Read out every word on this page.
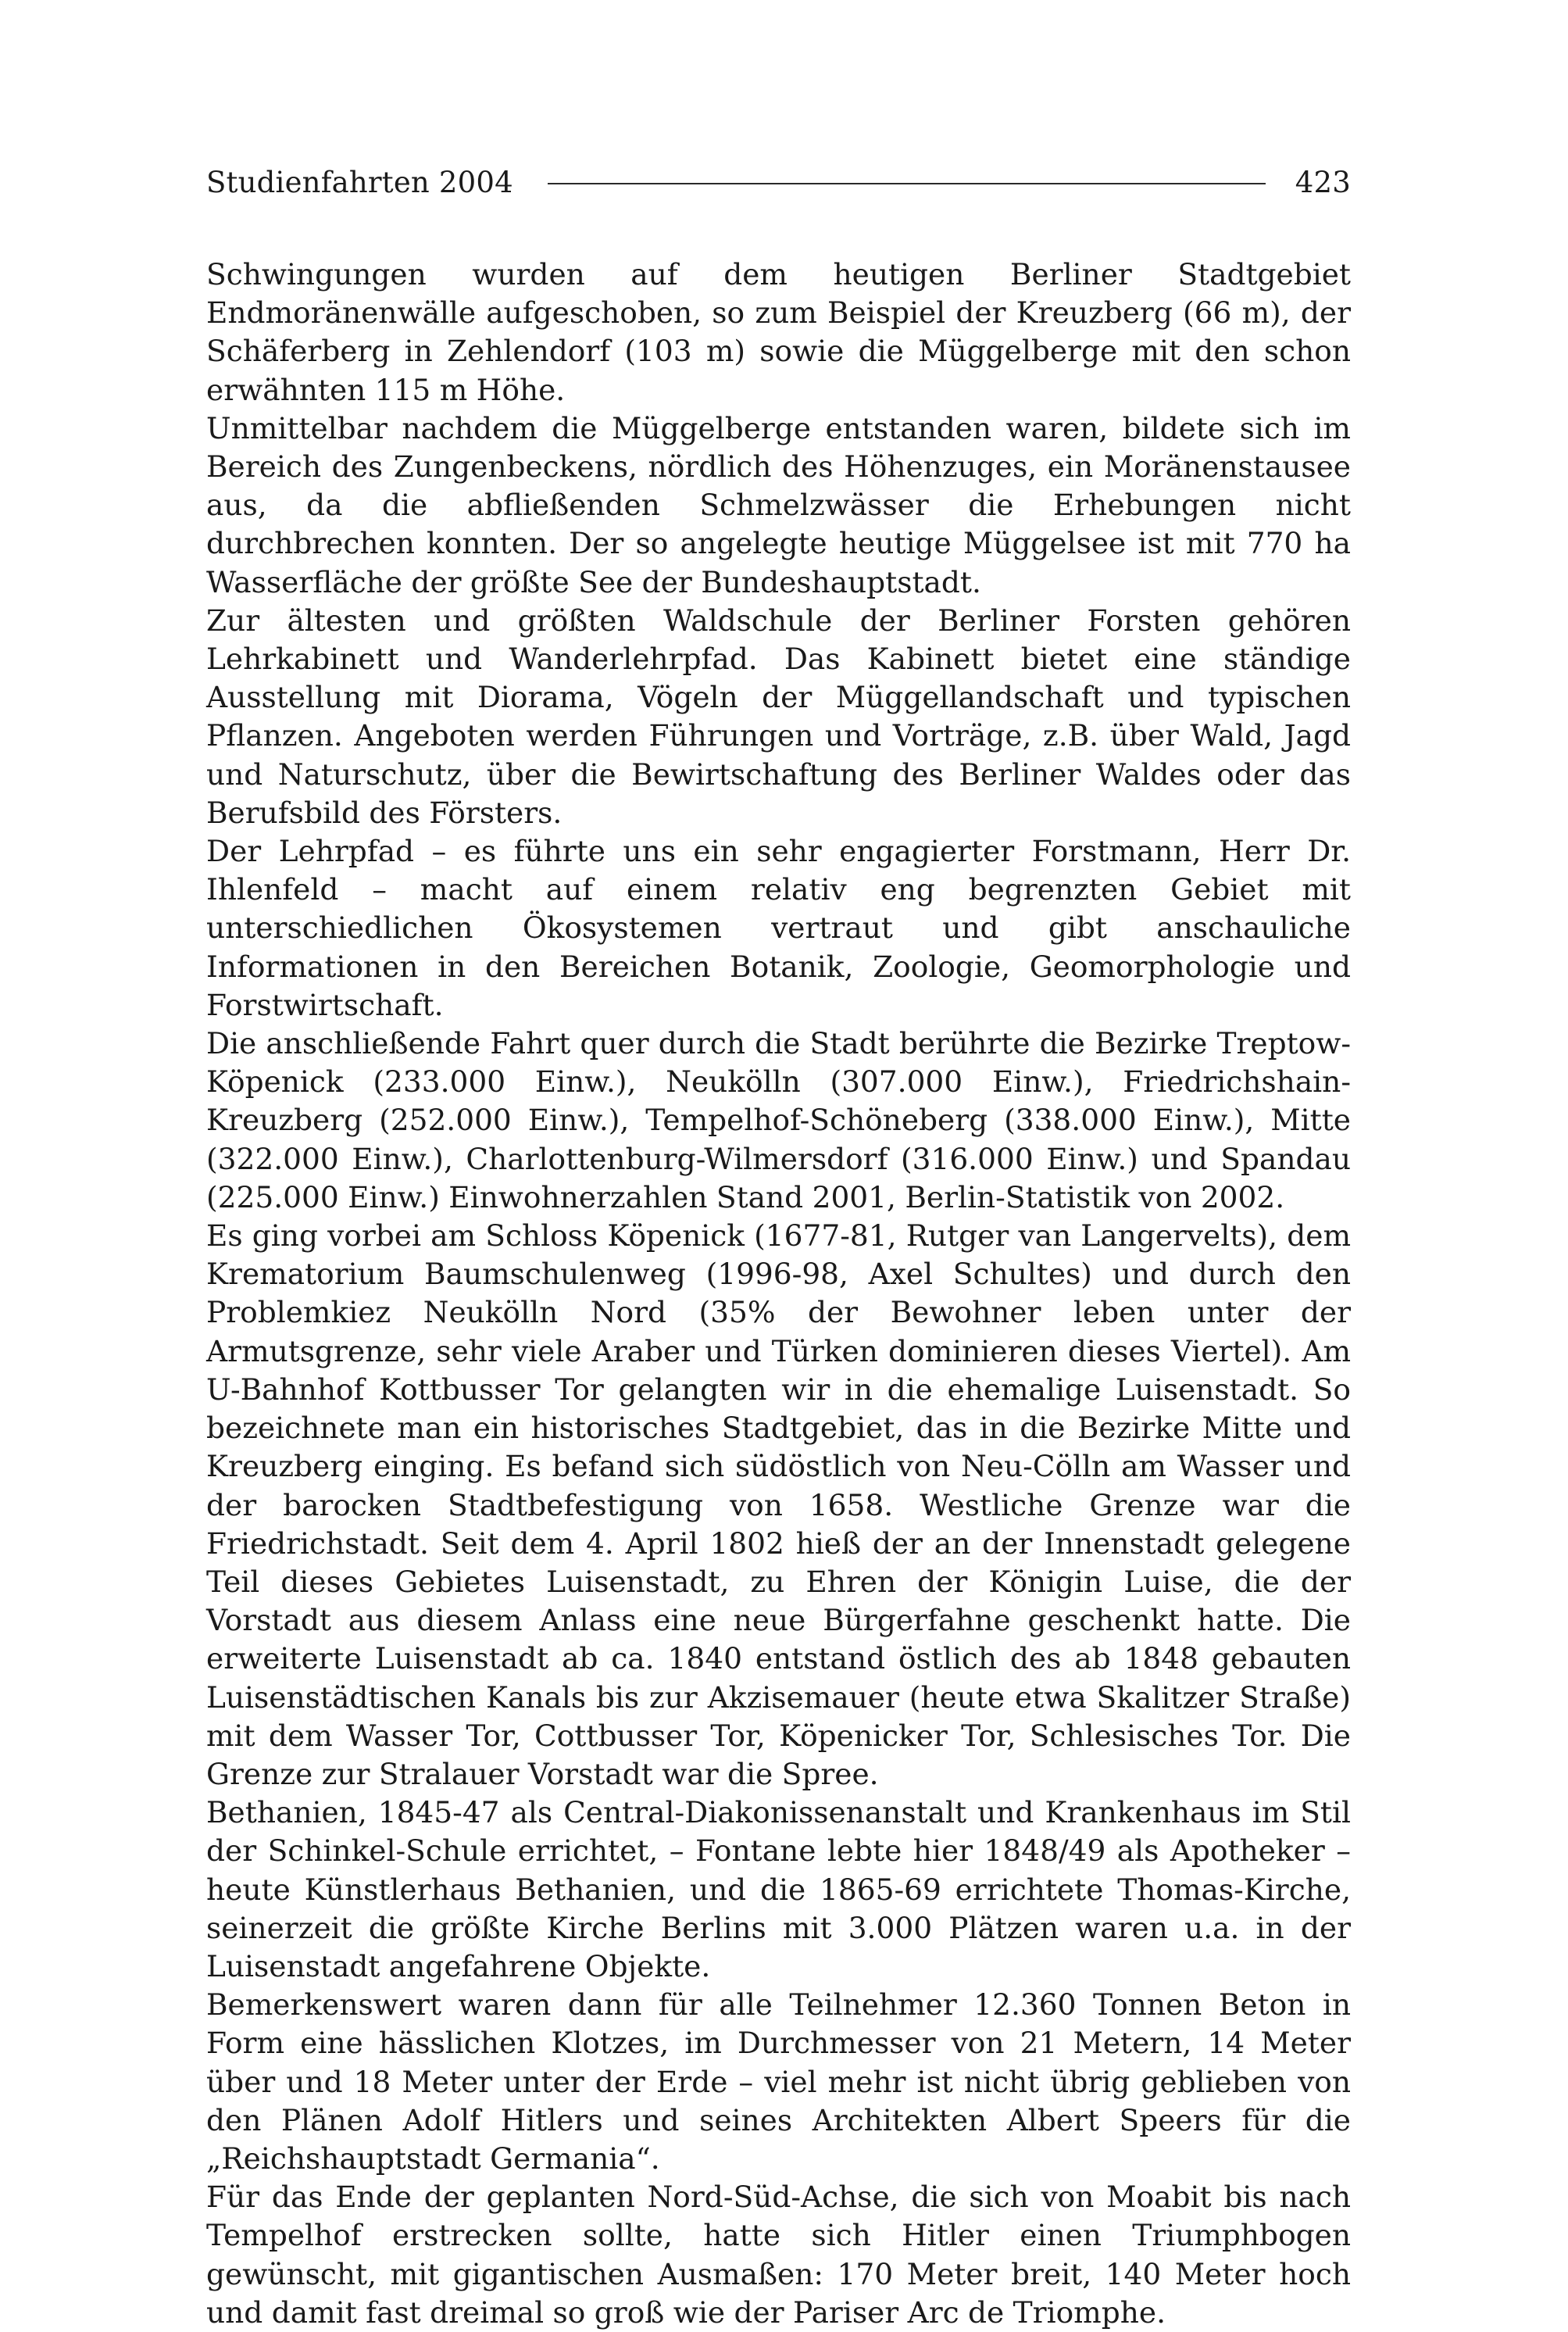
Studienfahrten 2004	423

Schwingungen wurden auf dem heutigen Berliner Stadtgebiet Endmoränenwälle aufgeschoben, so zum Beispiel der Kreuzberg (66 m), der Schäferberg in Zehlendorf (103 m) sowie die Müggelberge mit den schon erwähnten 115 m Höhe.

Unmittelbar nachdem die Müggelberge entstanden waren, bildete sich im Bereich des Zungenbeckens, nördlich des Höhenzuges, ein Moränenstausee aus, da die abfließenden Schmelzwässer die Erhebungen nicht durchbrechen konnten. Der so angelegte heutige Müggelsee ist mit 770 ha Wasserfläche der größte See der Bundeshauptstadt.

Zur ältesten und größten Waldschule der Berliner Forsten gehören Lehrkabinett und Wanderlehrpfad. Das Kabinett bietet eine ständige Ausstellung mit Diorama, Vögeln der Müggellandschaft und typischen Pflanzen. Angeboten werden Führungen und Vorträge, z.B. über Wald, Jagd und Naturschutz, über die Bewirtschaftung des Berliner Waldes oder das Berufsbild des Försters.

Der Lehrpfad – es führte uns ein sehr engagierter Forstmann, Herr Dr. Ihlenfeld – macht auf einem relativ eng begrenzten Gebiet mit unterschiedlichen Ökosystemen vertraut und gibt anschauliche Informationen in den Bereichen Botanik, Zoologie, Geomorphologie und Forstwirtschaft.

Die anschließende Fahrt quer durch die Stadt berührte die Bezirke Treptow-Köpenick (233.000 Einw.), Neukölln (307.000 Einw.), Friedrichshain-Kreuzberg (252.000 Einw.), Tempelhof-Schöneberg (338.000 Einw.), Mitte (322.000 Einw.), Charlottenburg-Wilmersdorf (316.000 Einw.) und Spandau (225.000 Einw.) Einwohnerzahlen Stand 2001, Berlin-Statistik von 2002.

Es ging vorbei am Schloss Köpenick (1677-81, Rutger van Langervelts), dem Krematorium Baumschulenweg (1996-98, Axel Schultes) und durch den Problemkiez Neukölln Nord (35% der Bewohner leben unter der Armutsgrenze, sehr viele Araber und Türken dominieren dieses Viertel). Am U-Bahnhof Kottbusser Tor gelangten wir in die ehemalige Luisenstadt. So bezeichnete man ein historisches Stadtgebiet, das in die Bezirke Mitte und Kreuzberg einging. Es befand sich südöstlich von Neu-Cölln am Wasser und der barocken Stadtbefestigung von 1658. Westliche Grenze war die Friedrichstadt. Seit dem 4. April 1802 hieß der an der Innenstadt gelegene Teil dieses Gebietes Luisenstadt, zu Ehren der Königin Luise, die der Vorstadt aus diesem Anlass eine neue Bürgerfahne geschenkt hatte. Die erweiterte Luisenstadt ab ca. 1840 entstand östlich des ab 1848 gebauten Luisenstädtischen Kanals bis zur Akzisemauer (heute etwa Skalitzer Straße) mit dem Wasser Tor, Cottbusser Tor, Köpenicker Tor, Schlesisches Tor. Die Grenze zur Stralauer Vorstadt war die Spree.

Bethanien, 1845-47 als Central-Diakonissenanstalt und Krankenhaus im Stil der Schinkel-Schule errichtet, – Fontane lebte hier 1848/49 als Apotheker – heute Künstlerhaus Bethanien, und die 1865-69 errichtete Thomas-Kirche, seinerzeit die größte Kirche Berlins mit 3.000 Plätzen waren u.a. in der Luisenstadt angefahrene Objekte.

Bemerkenswert waren dann für alle Teilnehmer 12.360 Tonnen Beton in Form eine hässlichen Klotzes, im Durchmesser von 21 Metern, 14 Meter über und 18 Meter unter der Erde – viel mehr ist nicht übrig geblieben von den Plänen Adolf Hitlers und seines Architekten Albert Speers für die „Reichshauptstadt Germania“.

Für das Ende der geplanten Nord-Süd-Achse, die sich von Moabit bis nach Tempelhof erstrecken sollte, hatte sich Hitler einen Triumphbogen gewünscht, mit gigantischen Ausmaßen: 170 Meter breit, 140 Meter hoch und damit fast dreimal so groß wie der Pariser Arc de Triomphe.
